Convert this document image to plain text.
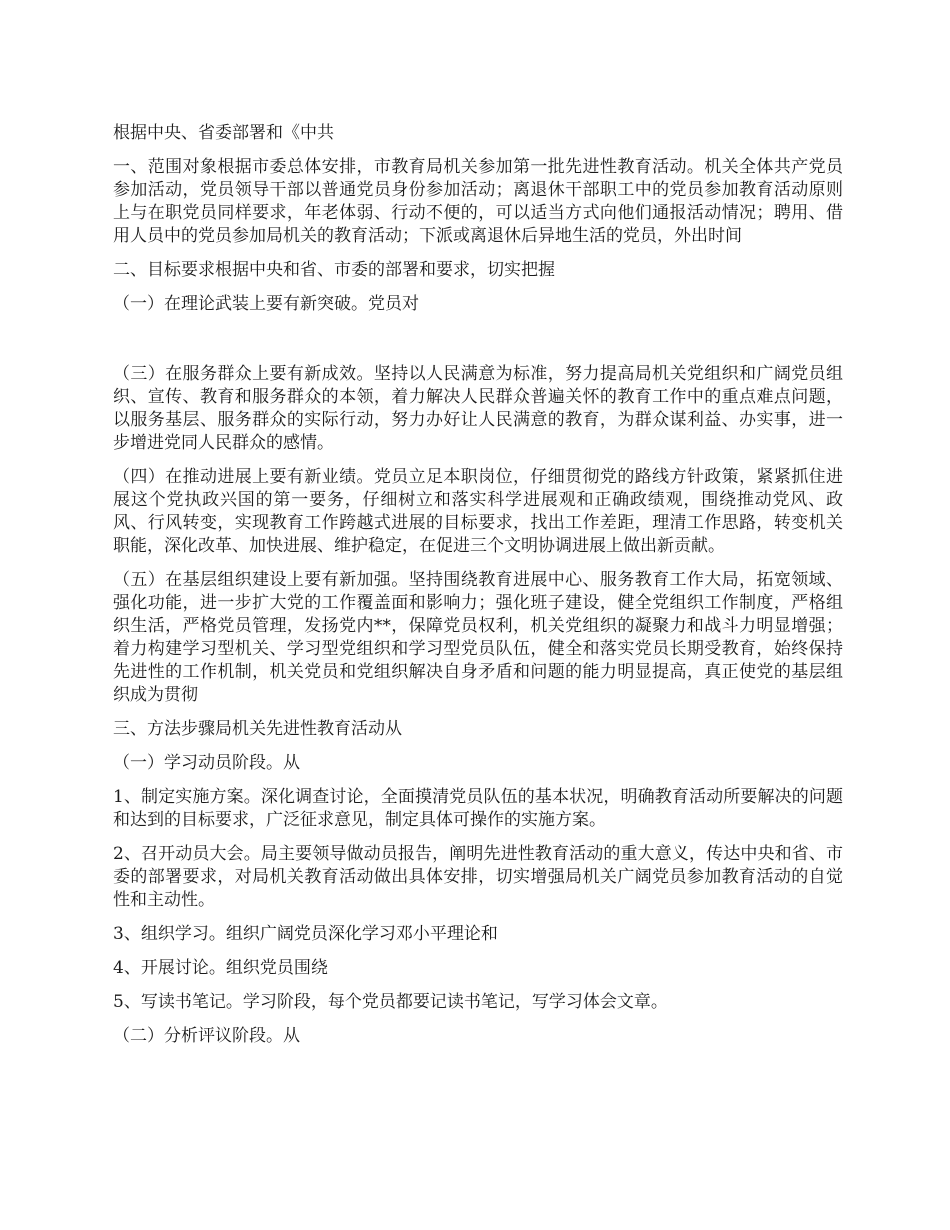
根据中央、省委部署和《中共

一、范围对象根据市委总体安排，市教育局机关参加第一批先进性教育活动。机关全体共产党员参加活动，党员领导干部以普通党员身份参加活动；离退休干部职工中的党员参加教育活动原则上与在职党员同样要求，年老体弱、行动不便的，可以适当方式向他们通报活动情况；聘用、借用人员中的党员参加局机关的教育活动；下派或离退休后异地生活的党员，外出时间

二、目标要求根据中央和省、市委的部署和要求，切实把握

（一）在理论武装上要有新突破。党员对

（三）在服务群众上要有新成效。坚持以人民满意为标准，努力提高局机关党组织和广阔党员组织、宣传、教育和服务群众的本领，着力解决人民群众普遍关怀的教育工作中的重点难点问题，以服务基层、服务群众的实际行动，努力办好让人民满意的教育，为群众谋利益、办实事，进一步增进党同人民群众的感情。

（四）在推动进展上要有新业绩。党员立足本职岗位，仔细贯彻党的路线方针政策，紧紧抓住进展这个党执政兴国的第一要务，仔细树立和落实科学进展观和正确政绩观，围绕推动党风、政风、行风转变，实现教育工作跨越式进展的目标要求，找出工作差距，理清工作思路，转变机关职能，深化改革、加快进展、维护稳定，在促进三个文明协调进展上做出新贡献。

（五）在基层组织建设上要有新加强。坚持围绕教育进展中心、服务教育工作大局，拓宽领域、强化功能，进一步扩大党的工作覆盖面和影响力；强化班子建设，健全党组织工作制度，严格组织生活，严格党员管理，发扬党内**，保障党员权利，机关党组织的凝聚力和战斗力明显增强；着力构建学习型机关、学习型党组织和学习型党员队伍，健全和落实党员长期受教育，始终保持先进性的工作机制，机关党员和党组织解决自身矛盾和问题的能力明显提高，真正使党的基层组织成为贯彻

三、方法步骤局机关先进性教育活动从

（一）学习动员阶段。从

1、制定实施方案。深化调查讨论，全面摸清党员队伍的基本状况，明确教育活动所要解决的问题和达到的目标要求，广泛征求意见，制定具体可操作的实施方案。

2、召开动员大会。局主要领导做动员报告，阐明先进性教育活动的重大意义，传达中央和省、市委的部署要求，对局机关教育活动做出具体安排，切实增强局机关广阔党员参加教育活动的自觉性和主动性。

3、组织学习。组织广阔党员深化学习邓小平理论和

4、开展讨论。组织党员围绕

5、写读书笔记。学习阶段，每个党员都要记读书笔记，写学习体会文章。

（二）分析评议阶段。从
